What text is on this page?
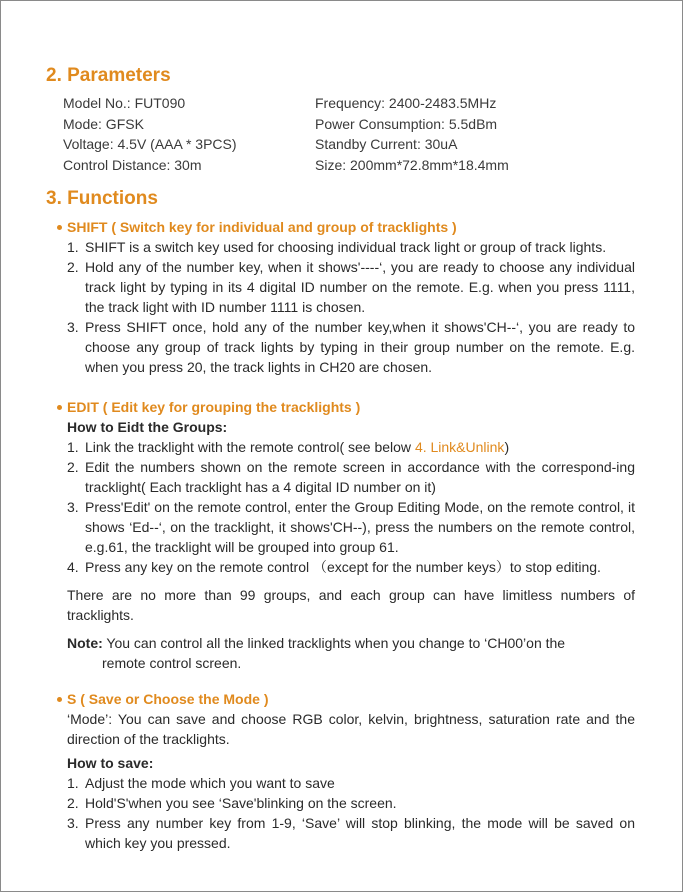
2. Parameters
Model No.: FUT090	Frequency: 2400-2483.5MHz
Mode: GFSK	Power Consumption: 5.5dBm
Voltage: 4.5V (AAA * 3PCS)	Standby Current: 30uA
Control Distance: 30m	Size: 200mm*72.8mm*18.4mm
3. Functions
SHIFT ( Switch key for individual and group of tracklights )
1. SHIFT is a switch key used for choosing individual track light or group of track lights.
2. Hold any of the number key, when it shows'----‘, you are ready to choose any individual track light by typing in its 4 digital ID number on the remote. E.g. when you press 1111, the track light with ID number 1111 is chosen.
3. Press SHIFT once, hold any of the number key,when it shows'CH--‘, you are ready to choose any group of track lights by typing in their group number on the remote. E.g. when you press 20, the track lights in CH20 are chosen.
EDIT ( Edit key for grouping the tracklights )
How to Eidt the Groups:
1. Link the tracklight with the remote control( see below 4. Link&Unlink)
2. Edit the numbers shown on the remote screen in accordance with the correspond-ing tracklight( Each tracklight has a 4 digital ID number on it)
3. Press'Edit' on the remote control, enter the Group Editing Mode, on the remote control, it shows ‘Ed--‘, on the tracklight, it shows'CH--), press the numbers on the remote control, e.g.61, the tracklight will be grouped into group 61.
4. Press any key on the remote control （except for the number keys）to stop editing.
There are no more than 99 groups, and each group can have limitless numbers of tracklights.
Note: You can control all the linked tracklights when you change to ‘CH00’on the
remote control screen.
S ( Save or Choose the Mode )
‘Mode’: You can save and choose RGB color, kelvin, brightness, saturation rate and the direction of the tracklights.
How to save:
1. Adjust the mode which you want to save
2. Hold'S'when you see ‘Save'blinking on the screen.
3. Press any number key from 1-9, ‘Save’ will stop blinking, the mode will be saved on which key you pressed.
